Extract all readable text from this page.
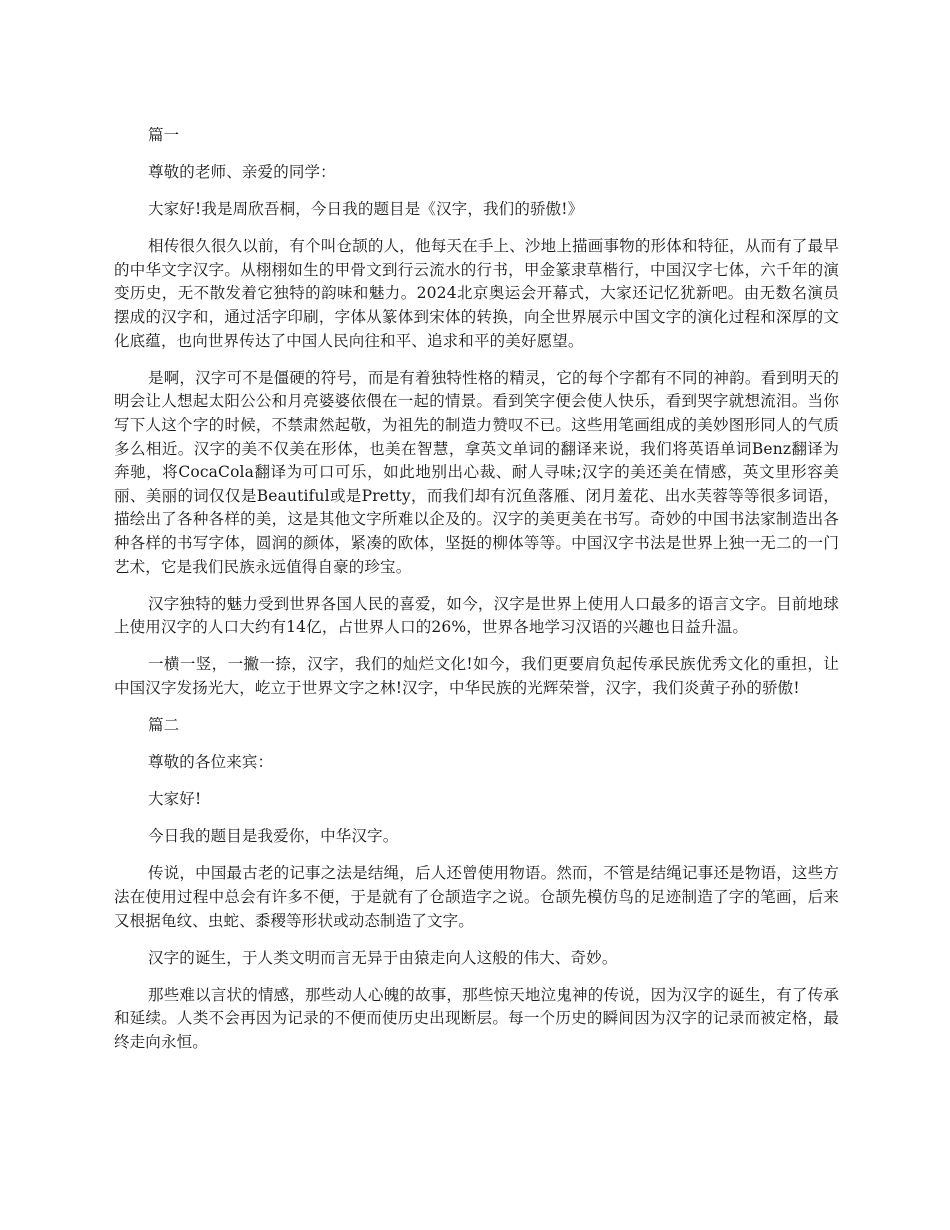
篇一

尊敬的老师、亲爱的同学：

大家好!我是周欣吾桐，今日我的题目是《汉字，我们的骄傲!》

相传很久很久以前，有个叫仓颉的人，他每天在手上、沙地上描画事物的形体和特征，从而有了最早的中华文字汉字。从栩栩如生的甲骨文到行云流水的行书，甲金篆隶草楷行，中国汉字七体，六千年的演变历史，无不散发着它独特的韵味和魅力。2024北京奥运会开幕式，大家还记忆犹新吧。由无数名演员摆成的汉字和，通过活字印刷，字体从篆体到宋体的转换，向全世界展示中国文字的演化过程和深厚的文化底蕴，也向世界传达了中国人民向往和平、追求和平的美好愿望。

是啊，汉字可不是僵硬的符号，而是有着独特性格的精灵，它的每个字都有不同的神韵。看到明天的明会让人想起太阳公公和月亮婆婆依偎在一起的情景。看到笑字便会使人快乐，看到哭字就想流泪。当你写下人这个字的时候，不禁肃然起敬，为祖先的制造力赞叹不已。这些用笔画组成的美妙图形同人的气质多么相近。汉字的美不仅美在形体，也美在智慧，拿英文单词的翻译来说，我们将英语单词Benz翻译为奔驰，将CocaCola翻译为可口可乐，如此地别出心裁、耐人寻味;汉字的美还美在情感，英文里形容美丽、美丽的词仅仅是Beautiful或是Pretty，而我们却有沉鱼落雁、闭月羞花、出水芙蓉等等很多词语，描绘出了各种各样的美，这是其他文字所难以企及的。汉字的美更美在书写。奇妙的中国书法家制造出各种各样的书写字体，圆润的颜体，紧凑的欧体，坚挺的柳体等等。中国汉字书法是世界上独一无二的一门艺术，它是我们民族永远值得自豪的珍宝。

汉字独特的魅力受到世界各国人民的喜爱，如今，汉字是世界上使用人口最多的语言文字。目前地球上使用汉字的人口大约有14亿，占世界人口的26%，世界各地学习汉语的兴趣也日益升温。

一横一竖，一撇一捺，汉字，我们的灿烂文化!如今，我们更要肩负起传承民族优秀文化的重担，让中国汉字发扬光大，屹立于世界文字之林!汉字，中华民族的光辉荣誉，汉字，我们炎黄子孙的骄傲!

篇二

尊敬的各位来宾：

大家好!

今日我的题目是我爱你，中华汉字。

传说，中国最古老的记事之法是结绳，后人还曾使用物语。然而，不管是结绳记事还是物语，这些方法在使用过程中总会有许多不便，于是就有了仓颉造字之说。仓颉先模仿鸟的足迹制造了字的笔画，后来又根据龟纹、虫蛇、黍稷等形状或动态制造了文字。

汉字的诞生，于人类文明而言无异于由猿走向人这般的伟大、奇妙。

那些难以言状的情感，那些动人心魄的故事，那些惊天地泣鬼神的传说，因为汉字的诞生，有了传承和延续。人类不会再因为记录的不便而使历史出现断层。每一个历史的瞬间因为汉字的记录而被定格，最终走向永恒。
